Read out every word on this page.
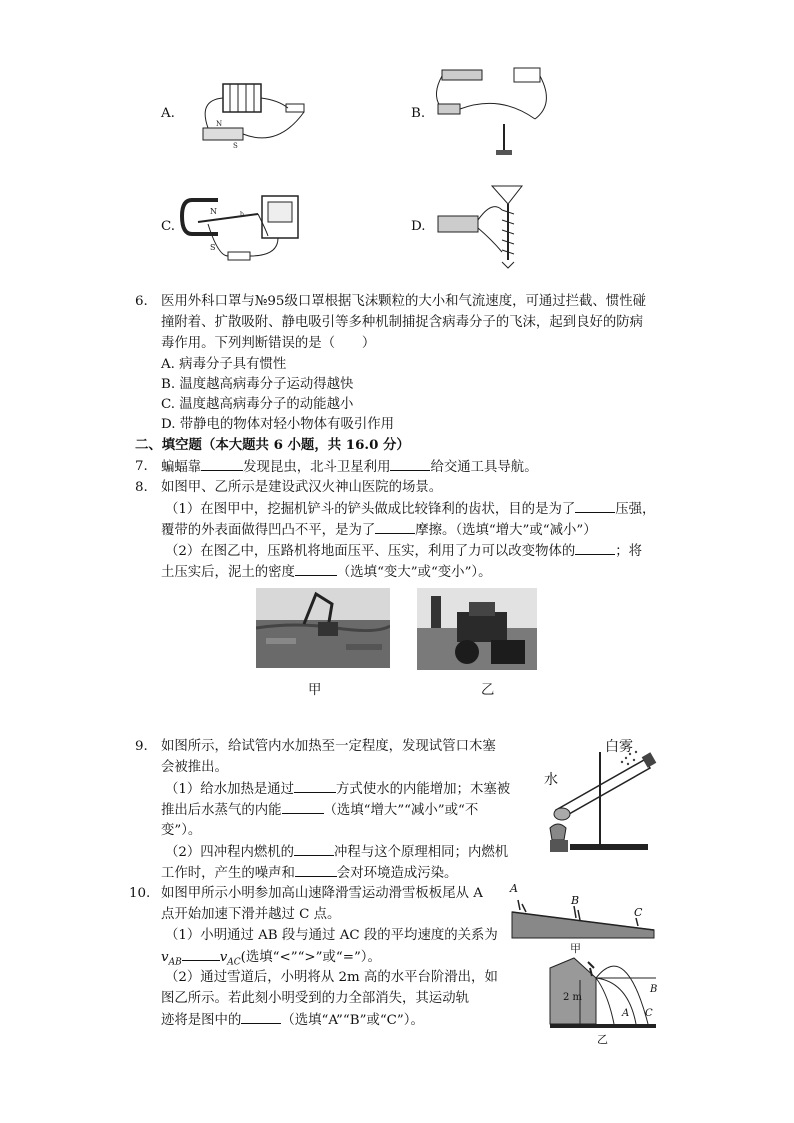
A.
N
S
B.
C.
N
S
b
D.
6. 医用外科口罩与№95级口罩根据飞沫颗粒的大小和气流速度，可通过拦截、惯性碰
撞附着、扩散吸附、静电吸引等多种机制捕捉含病毒分子的飞沫，起到良好的防病
毒作用。下列判断错误的是（　　）
A. 病毒分子具有惯性
B. 温度越高病毒分子运动得越快
C. 温度越高病毒分子的动能越小
D. 带静电的物体对轻小物体有吸引作用
二、填空题（本大题共 6 小题，共 16.0 分）
7. 蝙蝠靠	发现昆虫，北斗卫星利用	给交通工具导航。
8. 如图甲、乙所示是建设武汉火神山医院的场景。
（1）在图甲中，挖掘机铲斗的铲头做成比较锋利的齿状，目的是为了	压强，
覆带的外表面做得凹凸不平，是为了	摩擦。（选填“增大”或“减小”）
（2）在图乙中，压路机将地面压平、压实，利用了力可以改变物体的	；将
土压实后，泥土的密度	（选填“变大”或“变小”）。
甲	乙
9. 如图所示，给试管内水加热至一定程度，发现试管口木塞
会被推出。
（1）给水加热是通过	方式使水的内能增加；木塞被
推出后水蒸气的内能	（选填“增大”“减小”或“不
变”）。
（2）四冲程内燃机的	冲程与这个原理相同；内燃机
工作时，产生的噪声和	会对环境造成污染。
白雾
水
10. 如图甲所示小明参加高山速降滑雪运动滑雪板板尾从 A
点开始加速下滑并越过 C 点。
（1）小明通过 AB 段与通过 AC 段的平均速度的关系为
$v_{AB}$	$v_{AC}$(选填“<”“>”或“=”）。
（2）通过雪道后，小明将从 2m 高的水平台阶滑出，如
图乙所示。若此刻小明受到的力全部消失，其运动轨
迹将是图中的	（选填“A”“B”或“C”）。
A
B
C
甲
2 m
A
B
C
乙
